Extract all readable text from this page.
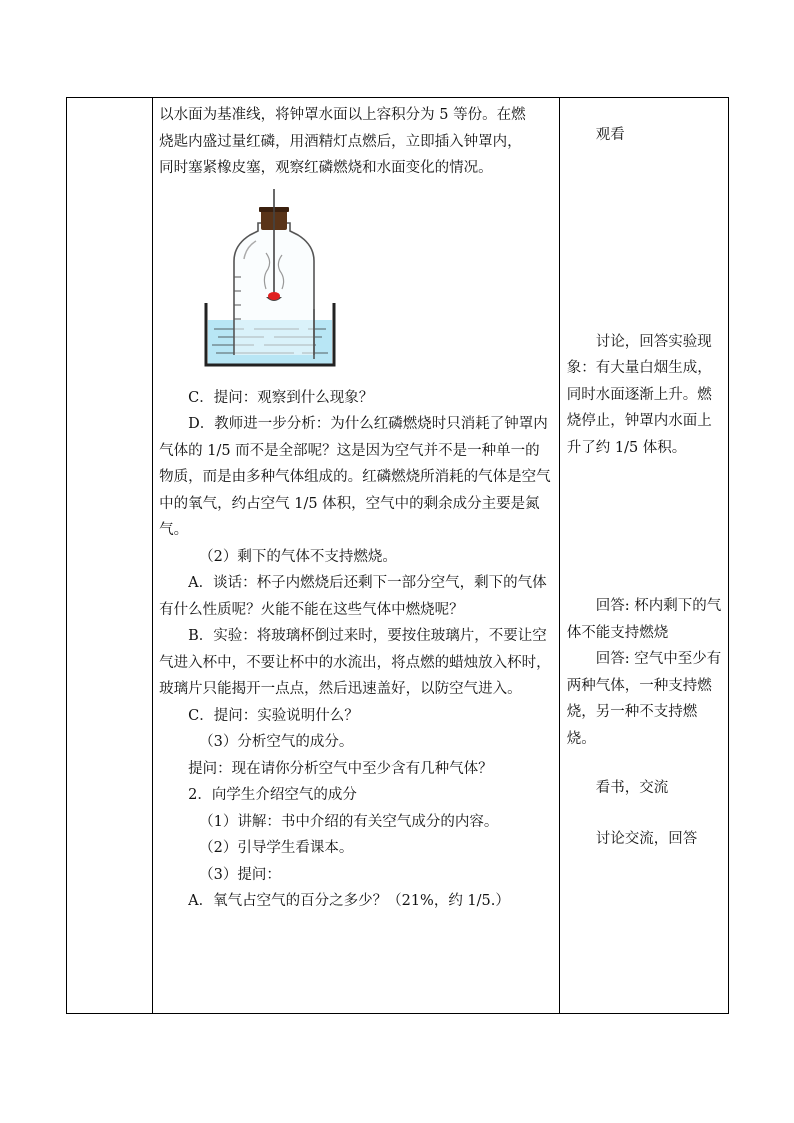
以水面为基准线，将钟罩水面以上容积分为 5 等份。在燃

烧匙内盛过量红磷，用酒精灯点燃后，立即插入钟罩内，

同时塞紧橡皮塞，观察红磷燃烧和水面变化的情况。

C．提问：观察到什么现象？

D．教师进一步分析：为什么红磷燃烧时只消耗了钟罩内气体的 1/5 而不是全部呢？这是因为空气并不是一种单一的物质，而是由多种气体组成的。红磷燃烧所消耗的气体是空气中的氧气，约占空气 1/5 体积，空气中的剩余成分主要是氮气。

（2）剩下的气体不支持燃烧。

A．谈话：杯子内燃烧后还剩下一部分空气，剩下的气体有什么性质呢？火能不能在这些气体中燃烧呢？

B．实验：将玻璃杯倒过来时，要按住玻璃片，不要让空气进入杯中，不要让杯中的水流出，将点燃的蜡烛放入杯时，玻璃片只能揭开一点点，然后迅速盖好，以防空气进入。

C．提问：实验说明什么？

（3）分析空气的成分。

提问：现在请你分析空气中至少含有几种气体？

2．向学生介绍空气的成分

（1）讲解：书中介绍的有关空气成分的内容。

（2）引导学生看课本。

（3）提问：

A．氧气占空气的百分之多少？（21%，约 1/5.）

观看

讨论，回答实验现象：有大量白烟生成，同时水面逐渐上升。燃烧停止，钟罩内水面上升了约 1/5 体积。

回答: 杯内剩下的气体不能支持燃烧

回答: 空气中至少有两种气体，一种支持燃烧，另一种不支持燃烧。

看书，交流

讨论交流，回答
